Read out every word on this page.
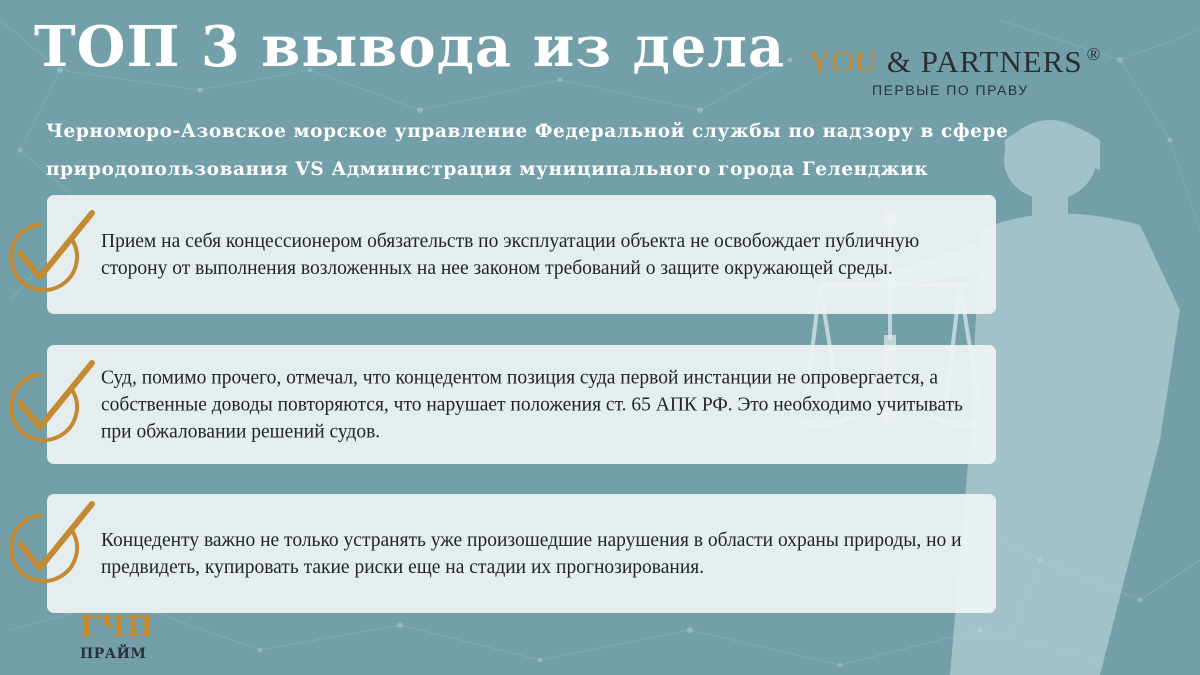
ТОП 3 вывода из дела YOU & PARTNERS ®
ПЕРВЫЕ ПО ПРАВУ
Черноморо-Азовское морское управление Федеральной службы по надзору в сфере природопользования VS Администрация муниципального города Геленджик
Прием на себя концессионером обязательств по эксплуатации объекта не освобождает публичную сторону от выполнения возложенных на нее законом требований о защите окружающей среды.
Суд, помимо прочего, отмечал, что концедентом позиция суда первой инстанции не опровергается, а собственные доводы повторяются, что нарушает положения ст. 65 АПК РФ. Это необходимо учитывать при обжаловании решений судов.
Концеденту важно не только устранять уже произошедшие нарушения в области охраны природы, но и предвидеть, купировать такие риски еще на стадии их прогнозирования.
ГЧП
ПРАЙМ
